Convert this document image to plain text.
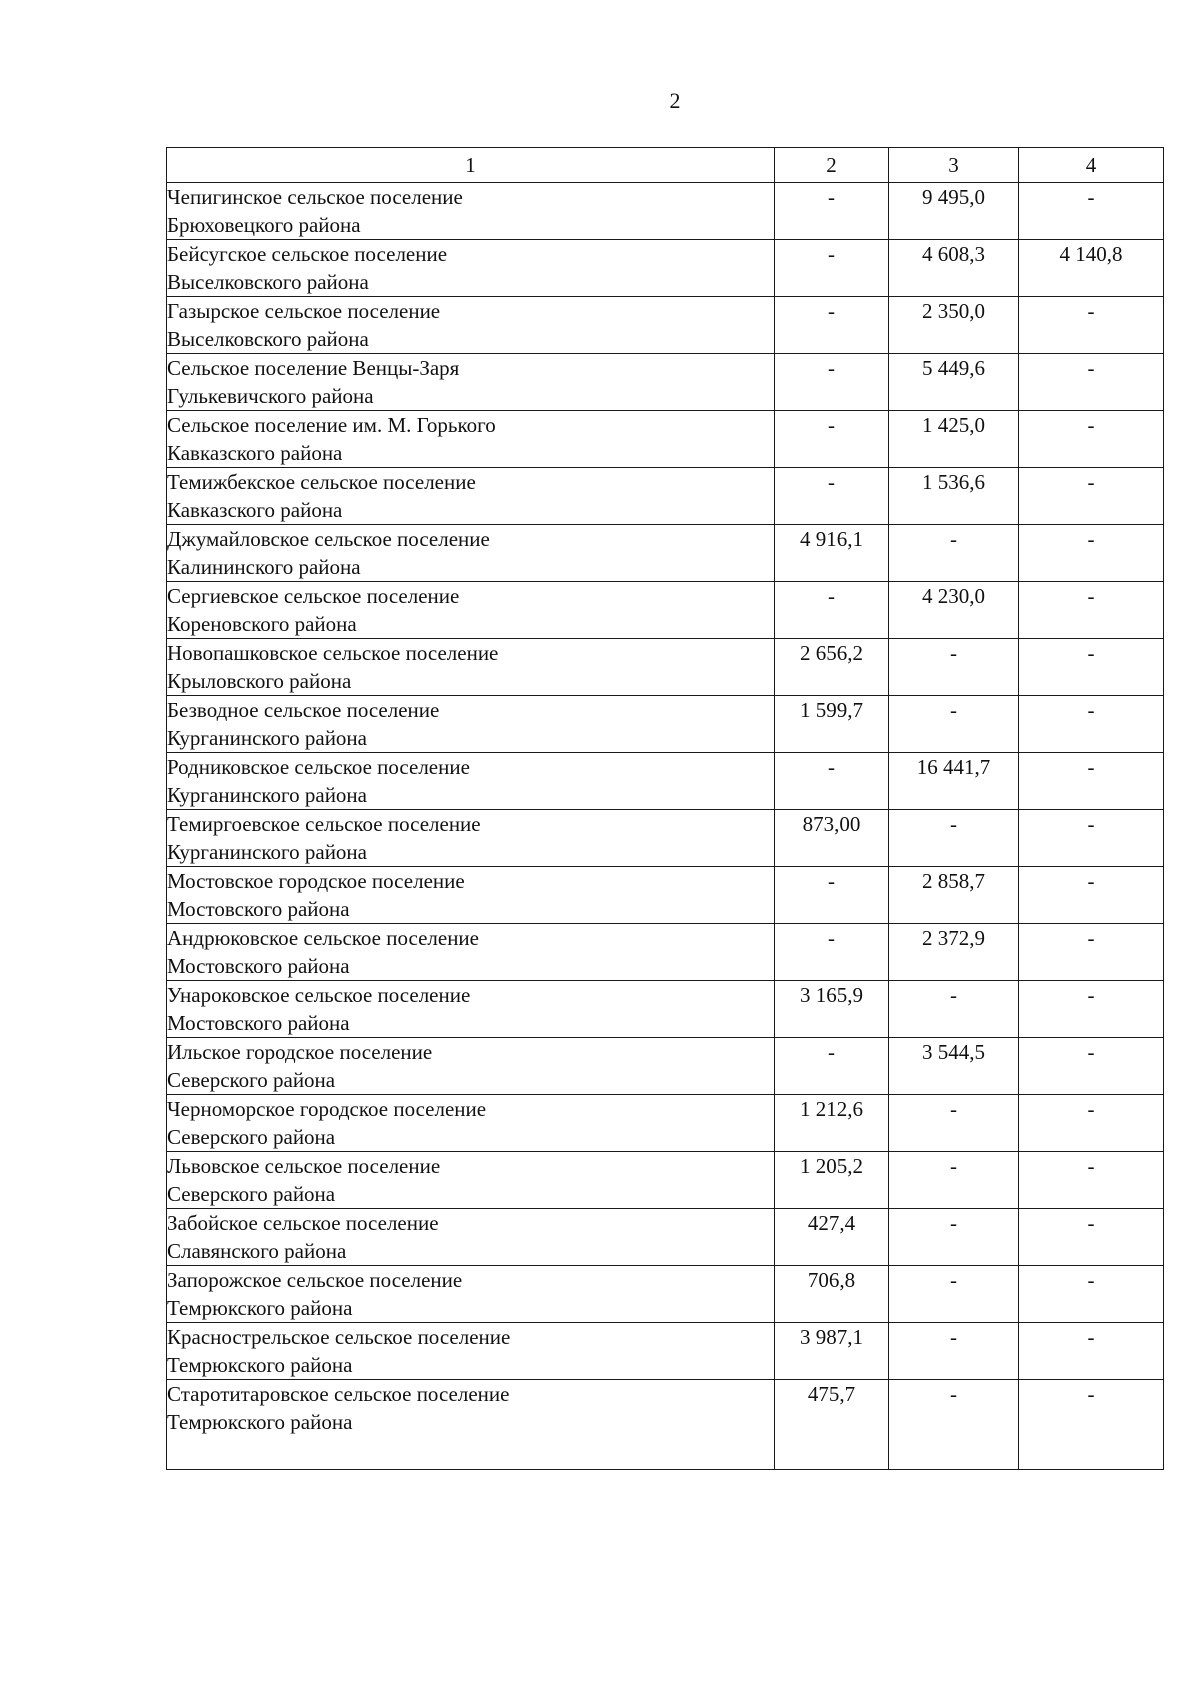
2
1	2	3	4

Чепигинское сельское поселение
Брюховецкого района	-	9 495,0	-

Бейсугское сельское поселение
Выселковского района	-	4 608,3	4 140,8

Газырское сельское поселение
Выселковского района	-	2 350,0	-

Сельское поселение Венцы-Заря
Гулькевичского района	-	5 449,6	-

Сельское поселение им. М. Горького
Кавказского района	-	1 425,0	-

Темижбекское сельское поселение
Кавказского района	-	1 536,6	-

Джумайловское сельское поселение
Калининского района	4 916,1	-	-

Сергиевское сельское поселение
Кореновского района	-	4 230,0	-

Новопашковское сельское поселение
Крыловского района	2 656,2	-	-

Безводное сельское поселение
Курганинского района	1 599,7	-	-

Родниковское сельское поселение
Курганинского района	-	16 441,7	-

Темиргоевское сельское поселение
Курганинского района	873,00	-	-

Мостовское городское поселение
Мостовского района	-	2 858,7	-

Андрюковское сельское поселение
Мостовского района	-	2 372,9	-

Унароковское сельское поселение
Мостовского района	3 165,9	-	-

Ильское городское поселение
Северского района	-	3 544,5	-

Черноморское городское поселение
Северского района	1 212,6	-	-

Львовское сельское поселение
Северского района	1 205,2	-	-

Забойское сельское поселение
Славянского района	427,4	-	-

Запорожское сельское поселение
Темрюкского района	706,8	-	-

Краснострельское сельское поселение
Темрюкского района	3 987,1	-	-

Старотитаровское сельское поселение
Темрюкского района	475,7	-	-
